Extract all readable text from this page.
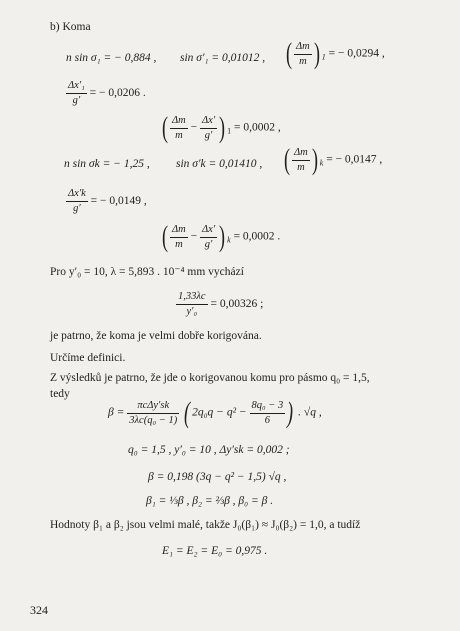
b) Koma
n sin σ₁ = − 0,884 , sin σ′₁ = 0,01012 , ( $\frac{\Delta m}{m}$ ) $_1$ = − 0,0294 ,
$\frac{\text{Δx′₁}}{g'}$ = − 0,0206 .
( $\frac{\Delta m}{m} - \frac{\Delta x'}{g'}$ ) $_1$ = 0,0002 ,
n sin σk = − 1,25 , sin σ′k = 0,01410 , ( $\frac{\Delta m}{m}$ ) $_k$ = − 0,0147 ,
$\frac{\Delta x'k}{g'}$ = − 0,0149 ,
( $\frac{\Delta m}{m} - \frac{\Delta x'}{g'}$ ) $_k$ = 0,0002 .
Pro y′₀ = 10, λ = 5,893 . 10⁻⁴ mm vychází
$\frac{1,33\lambda c}{\text{y′₀}} = 0,00326$ ;
je patrno, že koma je velmi dobře korigována.
Určíme definici.
Z výsledků je patrno, že jde o korigovanou komu pro pásmo q₀ = 1,5,
tedy
$\beta = \frac{\text{πcΔy′sk}}{\text{3λc(q₀ − 1)}}$ ( $2q_0q - q^2 - \frac{\text{8q₀ − 3}}{6}$ ) . √q ,
q₀ = 1,5 , y′₀ = 10 , Δy′sk = 0,002 ;
β = 0,198 (3q − q² − 1,5) √q ,
β₁ = ⅓β , β₂ = ⅔β , β₀ = β .
Hodnoty β₁ a β₂ jsou velmi malé, takže J₀(β₁) ≈ J₀(β₂) = 1,0, a tudíž
E₁ = E₂ = E₀ = 0,975 .
324
